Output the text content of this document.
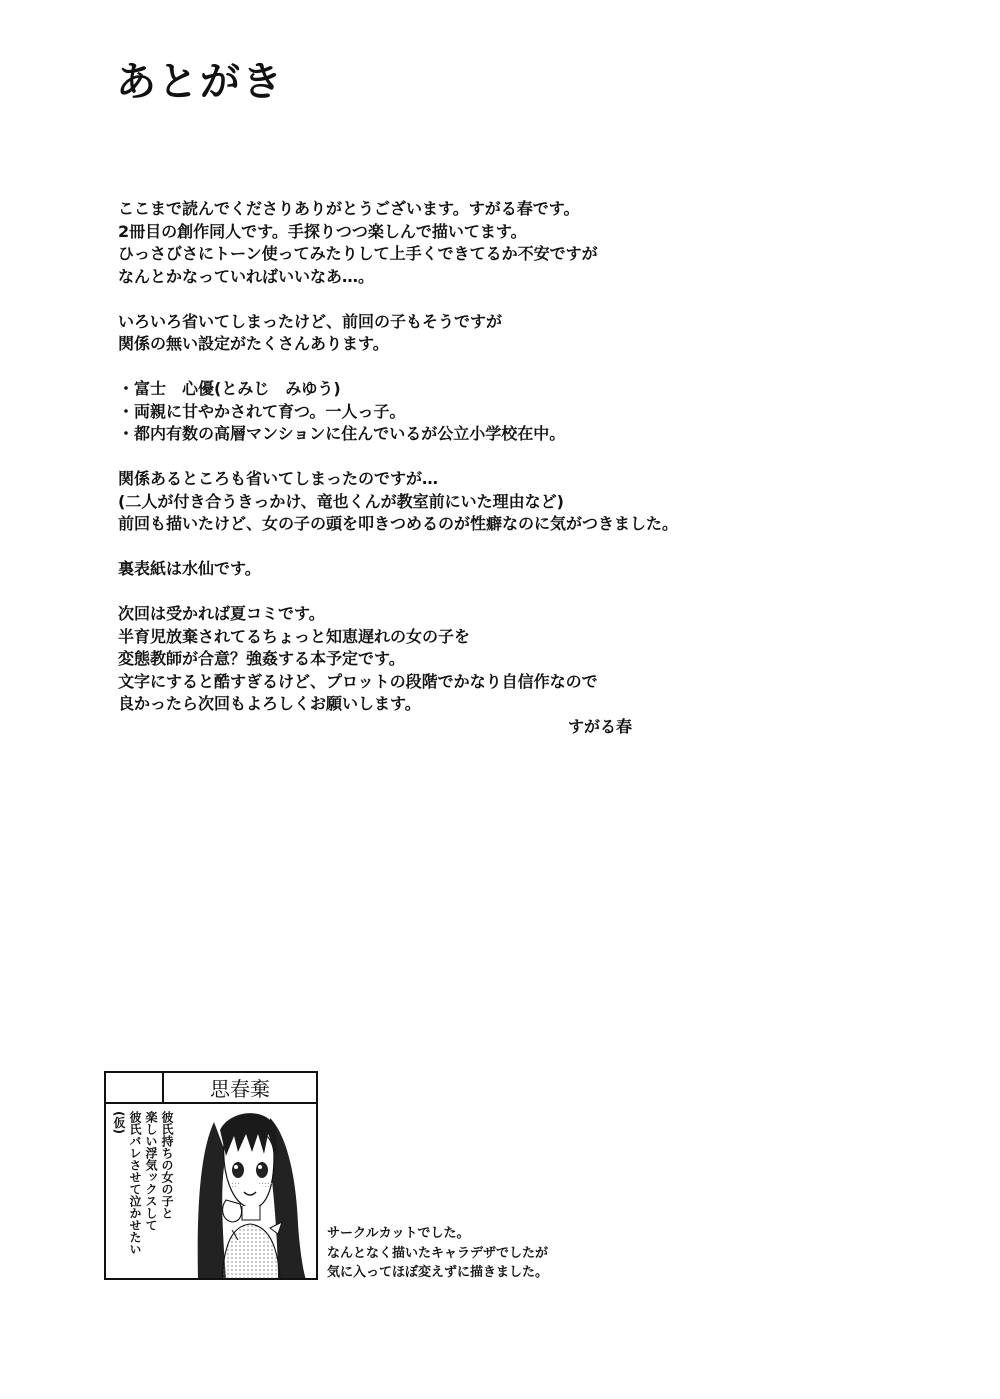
あとがき

ここまで読んでくださりありがとうございます。すがる春です。

2冊目の創作同人です。手探りつつ楽しんで描いてます。

ひっさびさにトーン使ってみたりして上手くできてるか不安ですが

なんとかなっていればいいなあ…。

いろいろ省いてしまったけど、前回の子もそうですが

関係の無い設定がたくさんあります。

・富士　心優(とみじ　みゆう)

・両親に甘やかされて育つ。一人っ子。

・都内有数の高層マンションに住んでいるが公立小学校在中。

関係あるところも省いてしまったのですが…

(二人が付き合うきっかけ、竜也くんが教室前にいた理由など)

前回も描いたけど、女の子の頭を叩きつめるのが性癖なのに気がつきました。

裏表紙は水仙です。

次回は受かれば夏コミです。

半育児放棄されてるちょっと知恵遅れの女の子を

変態教師が合意？強姦する本予定です。

文字にすると酷すぎるけど、プロットの段階でかなり自信作なので

良かったら次回もよろしくお願いします。

すがる春
思春棄
彼氏持ちの女の子と
楽しい浮気ックスして
彼氏バレさせて泣かせたい
(仮)

サークルカットでした。

なんとなく描いたキャラデザでしたが

気に入ってほぼ変えずに描きました。
